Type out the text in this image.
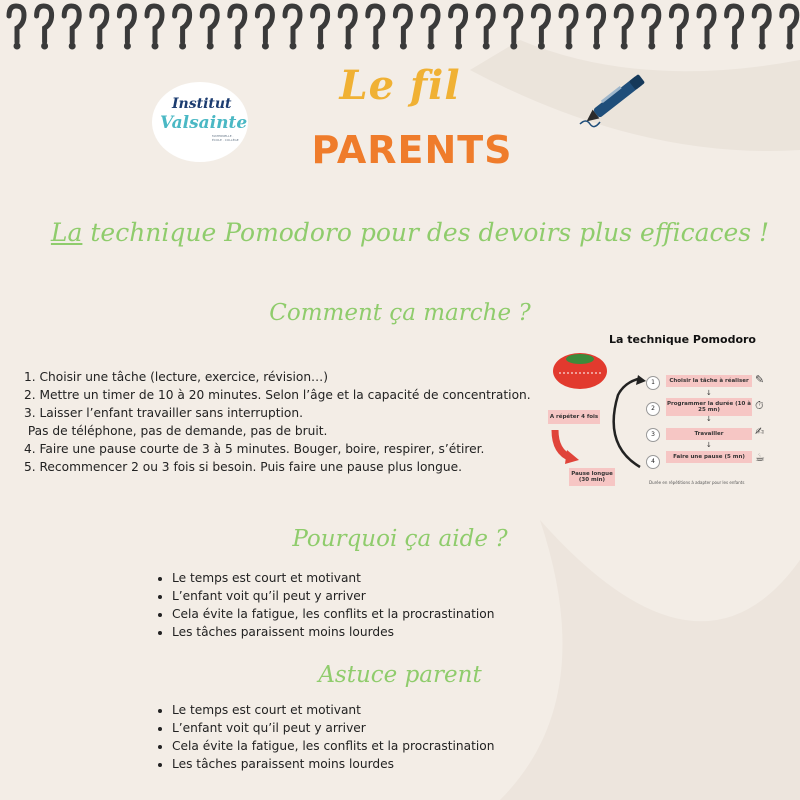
Institut
Valsainte
MATERNELLE · ÉCOLE · COLLÈGE
Le fil
PARENTS
La technique Pomodoro pour des devoirs plus efficaces !
Comment ça marche ?
1. Choisir une tâche (lecture, exercice, révision…)
2. Mettre un timer de 10 à 20 minutes. Selon l’âge et la capacité de concentration.
3. Laisser l’enfant travailler sans interruption.
Pas de téléphone, pas de demande, pas de bruit.
4. Faire une pause courte de 3 à 5 minutes. Bouger, boire, respirer, s’étirer.
5. Recommencer 2 ou 3 fois si besoin. Puis faire une pause plus longue.
La technique Pomodoro
A répéter 4 fois
Pause longue (30 min)
1	Choisir la tâche à réaliser
↓
✎
2
Programmer la durée (10 à 25 mn)
↓
⏱
3	Travailler
↓
✍
4
Faire une pause (5 mn) ☕
Durée en répétitions à adapter pour les enfants
Pourquoi ça aide ?
• Le temps est court et motivant
• L’enfant voit qu’il peut y arriver
• Cela évite la fatigue, les conflits et la procrastination
• Les tâches paraissent moins lourdes
Astuce parent
• Le temps est court et motivant
• L’enfant voit qu’il peut y arriver
• Cela évite la fatigue, les conflits et la procrastination
• Les tâches paraissent moins lourdes
